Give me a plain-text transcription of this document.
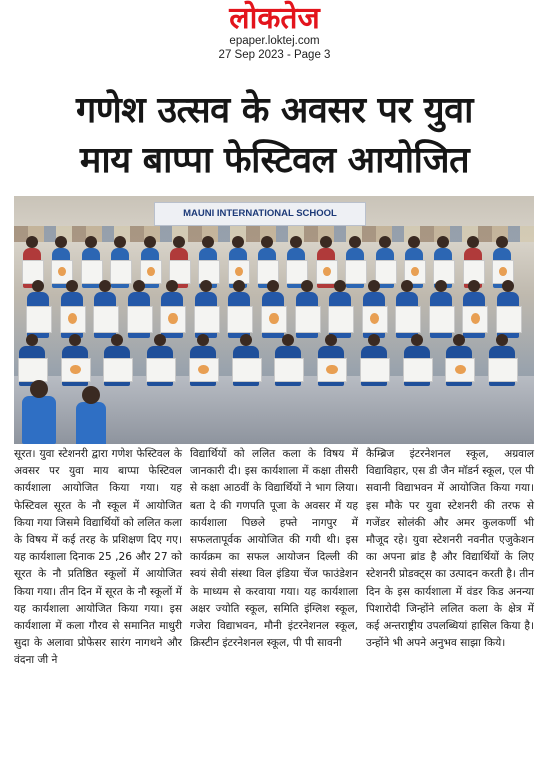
लोकतेज
epaper.loktej.com
27 Sep 2023 - Page 3
गणेश उत्सव के अवसर पर युवा
माय बाप्पा फेस्टिवल आयोजित
MAUNI INTERNATIONAL SCHOOL
सूरत। युवा स्टेशनरी द्वारा गणेश फेस्टिवल के अवसर पर युवा माय बाप्पा फेस्टिवल कार्यशाला आयोजित किया गया। यह फेस्टिवल सूरत के नौ स्कूल में आयोजित किया गया जिसमे विद्यार्थियों को ललित कला के विषय में कई तरह के प्रशिक्षण दिए गए। यह कार्यशाला दिनाक 25 ,26 और 27 को सूरत के नौ प्रतिष्ठित स्कूलों में आयोजित किया गया। तीन दिन में सूरत के नौ स्कूलों में यह कार्यशाला आयोजित किया गया। इस कार्यशाला में कला गौरव से समानित माधुरी सुदा के अलावा प्रोफेसर सारंग नागथने और वंदना जी ने
विद्यार्थियों को ललित कला के विषय में जानकारी दी। इस कार्यशाला में कक्षा तीसरी से कक्षा आठवीं के विद्यार्थियों ने भाग लिया। बता दे की गणपति पूजा के अवसर में यह कार्यशाला पिछले हफ्ते नागपुर में सफलतापूर्वक आयोजित की गयी थी। इस कार्यक्रम का सफल आयोजन दिल्ली की स्वयं सेवी संस्था विल इंडिया चेंज फाउंडेशन के माध्यम से करवाया गया। यह कार्यशाला अक्षर ज्योति स्कूल, समिति इंग्लिश स्कूल, गजेरा विद्याभवन, मौनी इंटरनेशनल स्कूल, क्रिस्टीन इंटरनेशनल स्कूल, पी पी सावनी
कैम्ब्रिज इंटरनेशनल स्कूल, अग्रवाल विद्याविहार, एस डी जैन मॉडर्न स्कूल, एल पी सवानी विद्याभवन में आयोजित किया गया। इस मौके पर युवा स्टेशनरी की तरफ से गजेंडर सोलंकी और अमर कुलकर्णी भी मौजूद रहे। युवा स्टेशनरी नवनीत एजुकेशन का अपना ब्रांड है और विद्यार्थियों के लिए स्टेशनरी प्रोडक्ट्स का उत्पादन करती है। तीन दिन के इस कार्यशाला में वंडर किड अनन्या पिशारोदी जिन्होंने ललित कला के क्षेत्र में कई अन्तराष्ट्रीय उपलब्धियां हासिल किया है। उन्होंने भी अपने अनुभव साझा किये।
